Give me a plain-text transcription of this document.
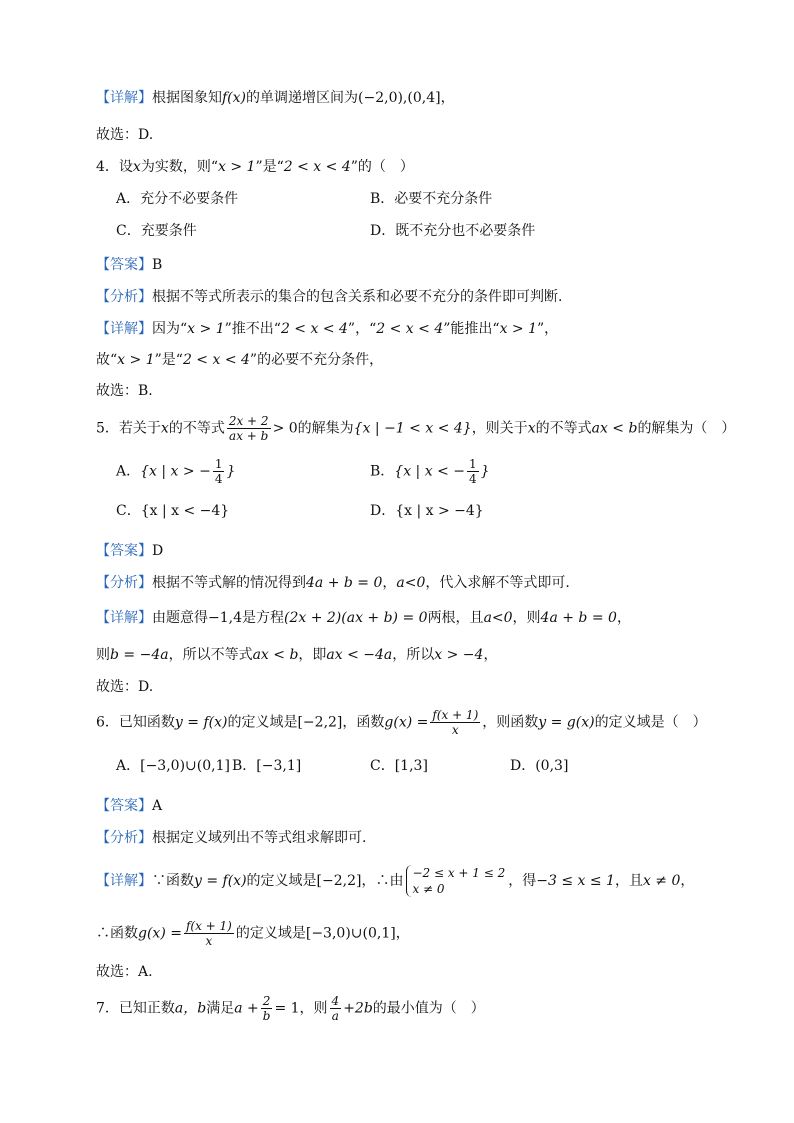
【详解】根据图象知f(x)的单调递增区间为(−2,0),(0,4]，
故选：D.
4．设x为实数，则“x > 1”是“2 < x < 4”的（　）
A．充分不必要条件	B．必要不充分条件
C．充要条件	D．既不充分也不必要条件
【答案】B
【分析】根据不等式所表示的集合的包含关系和必要不充分的条件即可判断.
【详解】因为“x > 1”推不出“2 < x < 4”，“2 < x < 4”能推出“x > 1”，
故“x > 1”是“2 < x < 4”的必要不充分条件，
故选：B.
5．若关于x的不等式 $\frac{2x + 2}{ax + b} > 0$的解集为{x | −1 < x < 4}，则关于x的不等式ax < b的解集为（　）
A．{x | x > − $\frac{1}{4}$ }	B．{x | x < − $\frac{1}{4}$ }
C．{x | x < −4}	D．{x | x > −4}
【答案】D
【分析】根据不等式解的情况得到4a + b = 0，a<0，代入求解不等式即可.
【详解】由题意得−1,4是方程(2x + 2)(ax + b) = 0两根，且a<0，则4a + b = 0，
则b = −4a，所以不等式ax < b，即ax < −4a，所以x > −4，
故选：D.
6．已知函数y = f(x)的定义域是[−2,2]，函数$g(x) = \frac{f(x + 1)}{x}$ ，则函数y = g(x)的定义域是（　）
A．[−3,0)∪(0,1] B．[−3,1]	C．[1,3]	D．(0,3]
【答案】A
【分析】根据定义域列出不等式组求解即可.
【详解】∵函数y = f(x)的定义域是[−2,2]，∴由 −2 ≤ x + 1 ≤ 2
x ≠ 0	，得−3 ≤ x ≤ 1，且x ≠ 0，
∴函数$g(x) = \frac{f(x + 1)}{x}$ 的定义域是[−3,0)∪(0,1]，
故选：A.
7．已知正数a，b满足$a + \frac{2}{b} = 1$，则 $\frac{4}{a} +2b$的最小值为（　）
